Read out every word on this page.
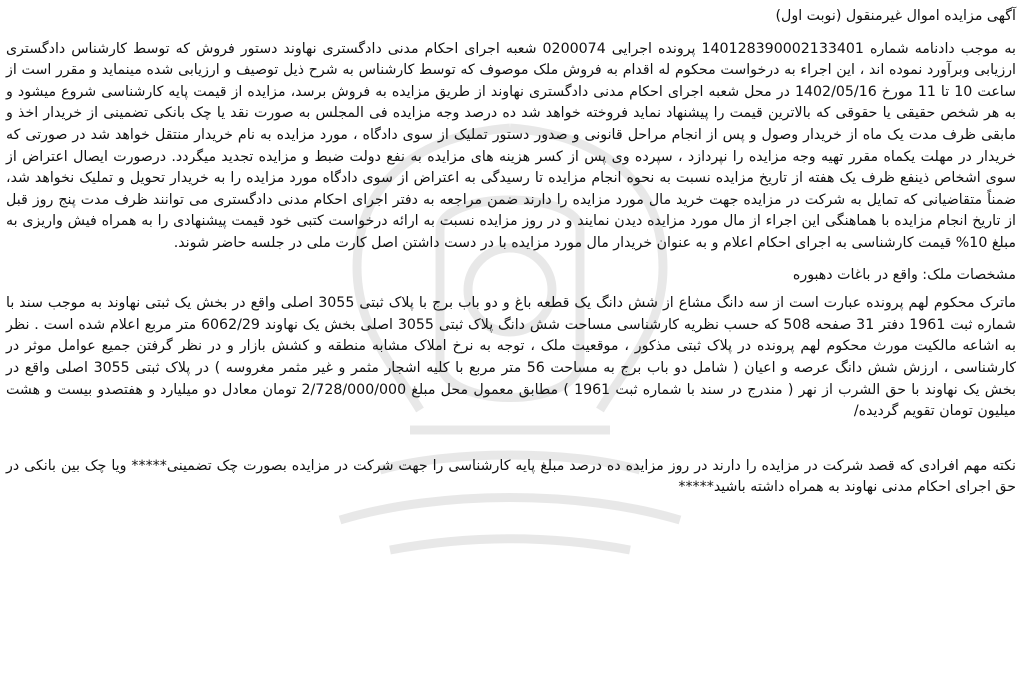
آگهی مزایده اموال غیرمنقول (نوبت اول)

به موجب دادنامه شماره 140128390002133401 پرونده اجرایی 0200074 شعبه اجرای احکام مدنی دادگستری نهاوند دستور فروش که توسط کارشناس دادگستری ارزیابی وبرآورد نموده اند ، این اجراء به درخواست محکوم له اقدام به فروش ملک موصوف که توسط کارشناس به شرح ذیل توصیف و ارزیابی شده مینماید و مقرر است از ساعت 10 تا 11 مورخ 1402/05/16 در محل شعبه اجرای احکام مدنی دادگستری نهاوند از طریق مزایده به فروش برسد، مزایده از قیمت پایه کارشناسی شروع میشود و به هر شخص حقیقی یا حقوقی که بالاترین قیمت را پیشنهاد نماید فروخته خواهد شد ده درصد وجه مزایده فی المجلس به صورت نقد یا چک بانکی تضمینی از خریدار اخذ و مابقی ظرف مدت یک ماه از خریدار وصول و پس از انجام مراحل قانونی و صدور دستور تملیک از سوی دادگاه ، مورد مزایده به نام خریدار منتقل خواهد شد در صورتی که خریدار در مهلت یکماه مقرر تهیه وجه مزایده را نپردازد ، سپرده وی پس از کسر هزینه های مزایده به نفع دولت ضبط و مزایده تجدید میگردد. درصورت ایصال اعتراض از سوی اشخاص ذینفع ظرف یک هفته از تاریخ مزایده نسبت به نحوه انجام مزایده تا رسیدگی به اعتراض از سوی دادگاه مورد مزایده را به خریدار تحویل و تملیک نخواهد شد، ضمناً متقاضیانی که تمایل به شرکت در مزایده جهت خرید مال مورد مزایده را دارند ضمن مراجعه به دفتر اجرای احکام مدنی دادگستری می توانند ظرف مدت پنج روز قبل از تاریخ انجام مزایده با هماهنگی این اجراء از مال مورد مزایده دیدن نمایند و در روز مزایده نسبت به ارائه درخواست کتبی خود قیمت پیشنهادی را به همراه فیش واریزی به مبلغ 10% قیمت کارشناسی به اجرای احکام اعلام و به عنوان خریدار مال مورد مزایده با در دست داشتن اصل کارت ملی در جلسه حاضر شوند.

مشخصات ملک: واقع در باغات دهبوره

ماترک محکوم لهم پرونده عبارت است از سه دانگ مشاع از شش دانگ یک قطعه باغ و دو باب برج با پلاک ثبتی 3055 اصلی واقع در بخش یک ثبتی نهاوند به موجب سند با شماره ثبت 1961 دفتر 31 صفحه 508 که حسب نظریه کارشناسی مساحت شش دانگ پلاک ثبتی 3055 اصلی بخش یک نهاوند 6062/29 متر مربع اعلام شده است . نظر به اشاعه مالکیت مورث محکوم لهم پرونده در پلاک ثبتی مذکور ، موقعیت ملک ، توجه به نرخ املاک مشابه منطقه و کشش بازار و در نظر گرفتن جمیع عوامل موثر در کارشناسی ، ارزش شش دانگ عرصه و اعیان ( شامل دو باب برج به مساحت 56 متر مربع با کلیه اشجار مثمر و غیر مثمر مغروسه ) در پلاک ثبتی 3055 اصلی واقع در بخش یک نهاوند با حق الشرب از نهر ( مندرج در سند با شماره ثبت 1961 ) مطابق معمول محل مبلغ 2/728/000/000 تومان معادل دو میلیارد و هفتصدو بیست و هشت میلیون تومان تقویم گردیده/

نکته مهم افرادی که قصد شرکت در مزایده را دارند در روز مزایده ده درصد مبلغ پایه کارشناسی را جهت شرکت در مزایده بصورت چک تضمینی***** ویا چک بین بانکی در حق اجرای احکام مدنی نهاوند به همراه داشته باشید*****
